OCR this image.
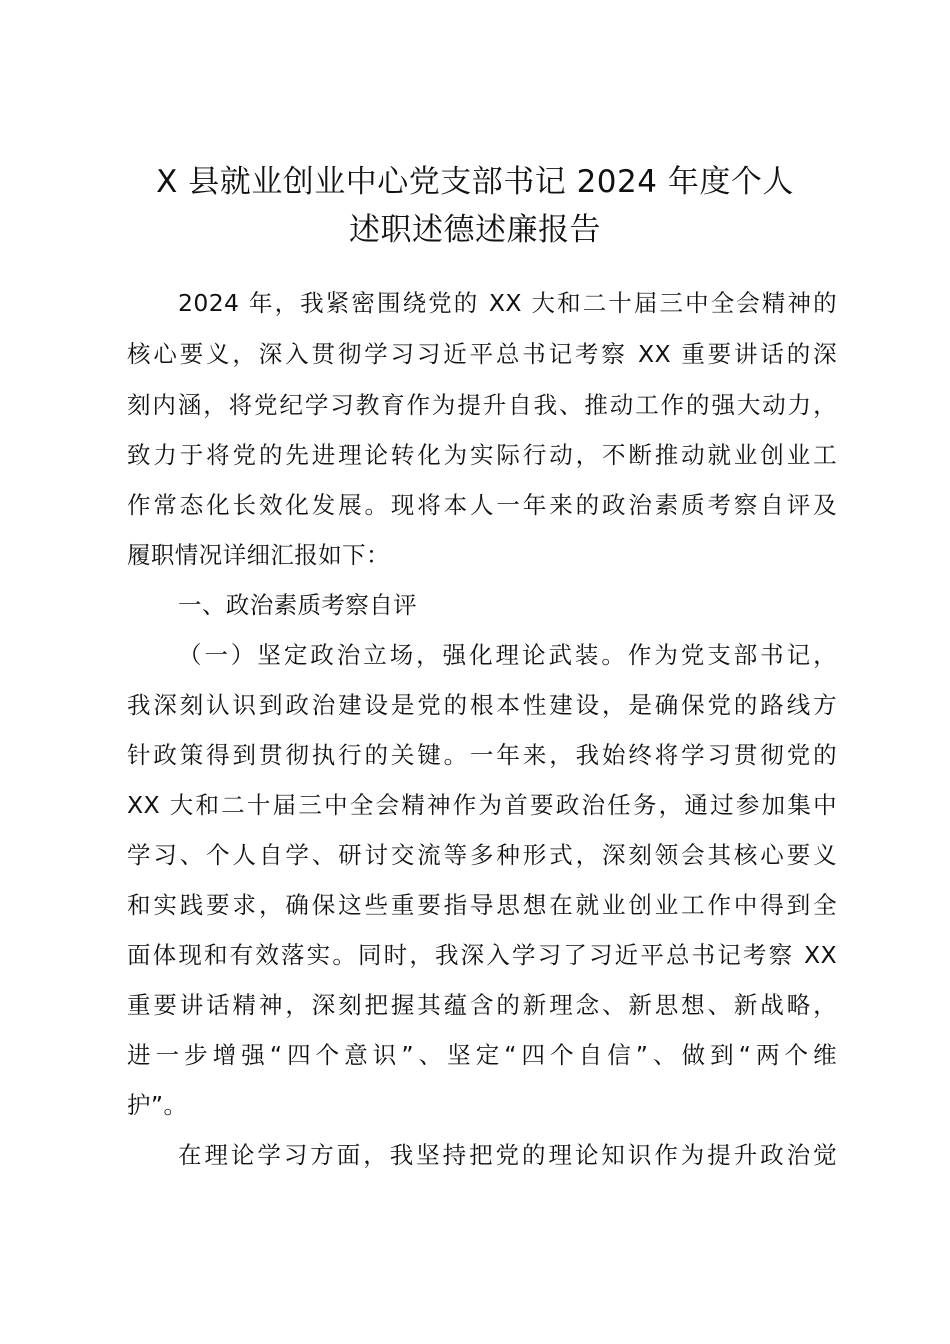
X 县就业创业中心党支部书记 2024 年度个人
述职述德述廉报告
2024 年，我紧密围绕党的 XX 大和二十届三中全会精神的
核心要义，深入贯彻学习习近平总书记考察 XX 重要讲话的深
刻内涵，将党纪学习教育作为提升自我、推动工作的强大动力，
致力于将党的先进理论转化为实际行动，不断推动就业创业工
作常态化长效化发展。现将本人一年来的政治素质考察自评及
履职情况详细汇报如下：
一、政治素质考察自评
（一）坚定政治立场，强化理论武装。作为党支部书记，
我深刻认识到政治建设是党的根本性建设，是确保党的路线方
针政策得到贯彻执行的关键。一年来，我始终将学习贯彻党的
XX 大和二十届三中全会精神作为首要政治任务，通过参加集中
学习、个人自学、研讨交流等多种形式，深刻领会其核心要义
和实践要求，确保这些重要指导思想在就业创业工作中得到全
面体现和有效落实。同时，我深入学习了习近平总书记考察 XX
重要讲话精神，深刻把握其蕴含的新理念、新思想、新战略，
进一步增强“四个意识”、坚定“四个自信”、做到“两个维
护”。
在理论学习方面，我坚持把党的理论知识作为提升政治觉
